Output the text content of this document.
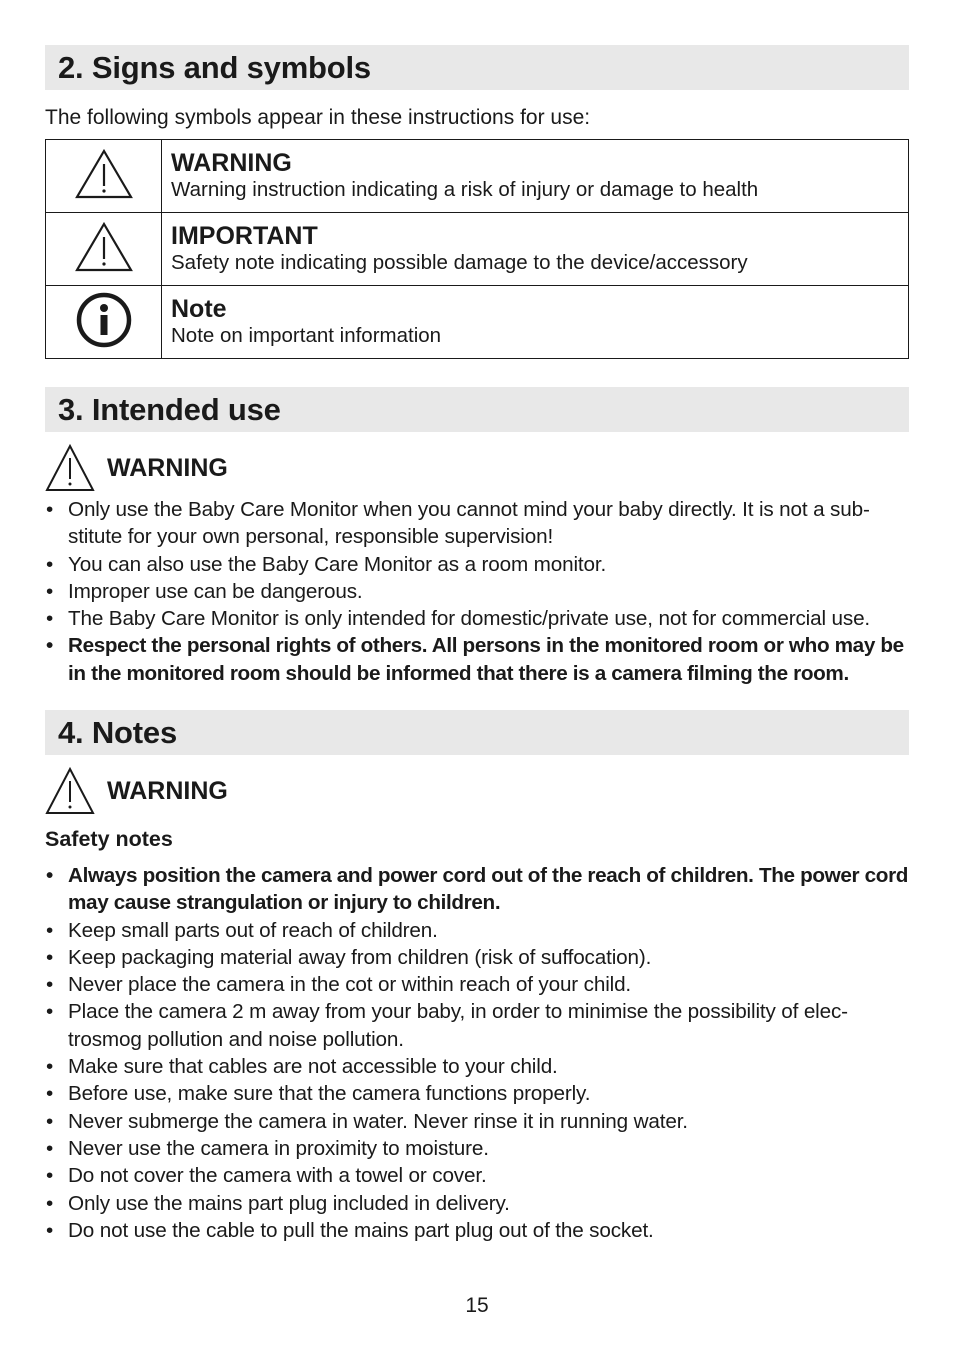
2. Signs and symbols

The following symbols appear in these instructions for use:

WARNING
Warning instruction indicating a risk of injury or damage to health

IMPORTANT
Safety note indicating possible damage to the device/accessory

Note
Note on important information
3. Intended use
WARNING
• Only use the Baby Care Monitor when you cannot mind your baby directly. It is not a sub-stitute for your own personal, responsible supervision!
• You can also use the Baby Care Monitor as a room monitor.
• Improper use can be dangerous.
• The Baby Care Monitor is only intended for domestic/private use, not for commercial use.
• Respect the personal rights of others. All persons in the monitored room or who may be in the monitored room should be informed that there is a camera filming the room.
4. Notes
WARNING
Safety notes
• Always position the camera and power cord out of the reach of children. The power cord may cause strangulation or injury to children.
• Keep small parts out of reach of children.
• Keep packaging material away from children (risk of suffocation).
• Never place the camera in the cot or within reach of your child.
• Place the camera 2 m away from your baby, in order to minimise the possibility of elec-trosmog pollution and noise pollution.
• Make sure that cables are not accessible to your child.
• Before use, make sure that the camera functions properly.
• Never submerge the camera in water. Never rinse it in running water.
• Never use the camera in proximity to moisture.
• Do not cover the camera with a towel or cover.
• Only use the mains part plug included in delivery.
• Do not use the cable to pull the mains part plug out of the socket.
15
